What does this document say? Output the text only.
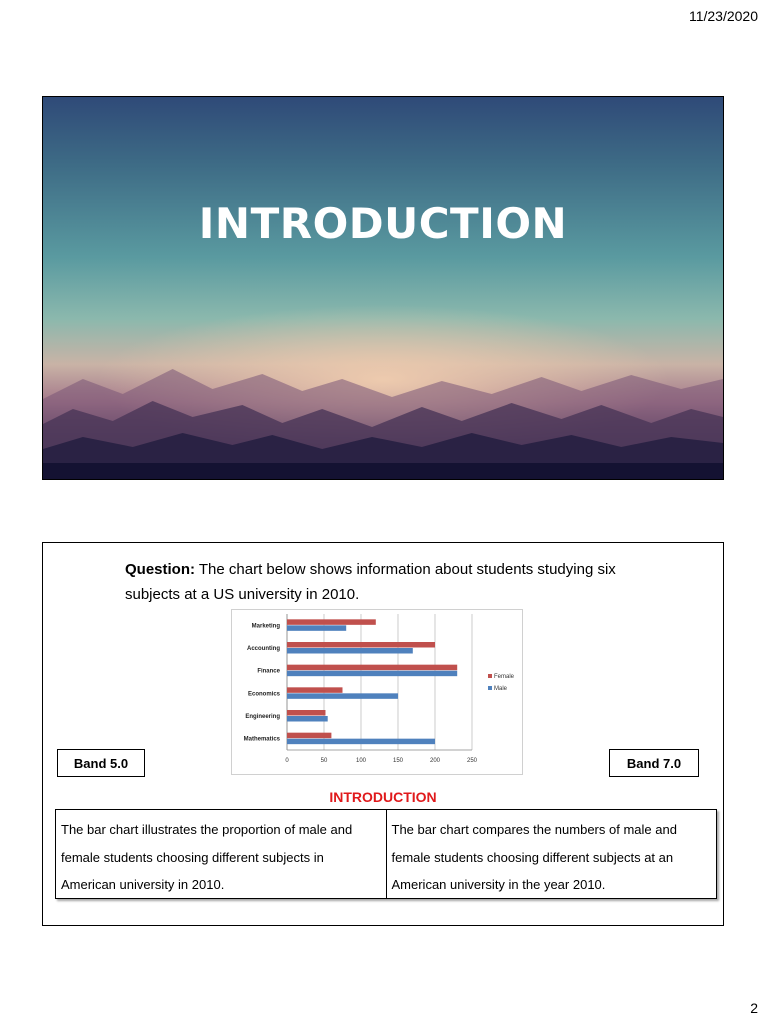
11/23/2020
INTRODUCTION
Question: The chart below shows information about students studying six subjects at a US university in 2010.
0	50	100	150	200	250
Marketing
Accounting
Finance
Economics
Engineering
Mathematics
Female
Male
Band 5.0	Band 7.0
INTRODUCTION
The bar chart illustrates the proportion of male and female students choosing different subjects in American university in 2010.
The bar chart compares the numbers of male and female students choosing different subjects at an American university in the year 2010.
2
